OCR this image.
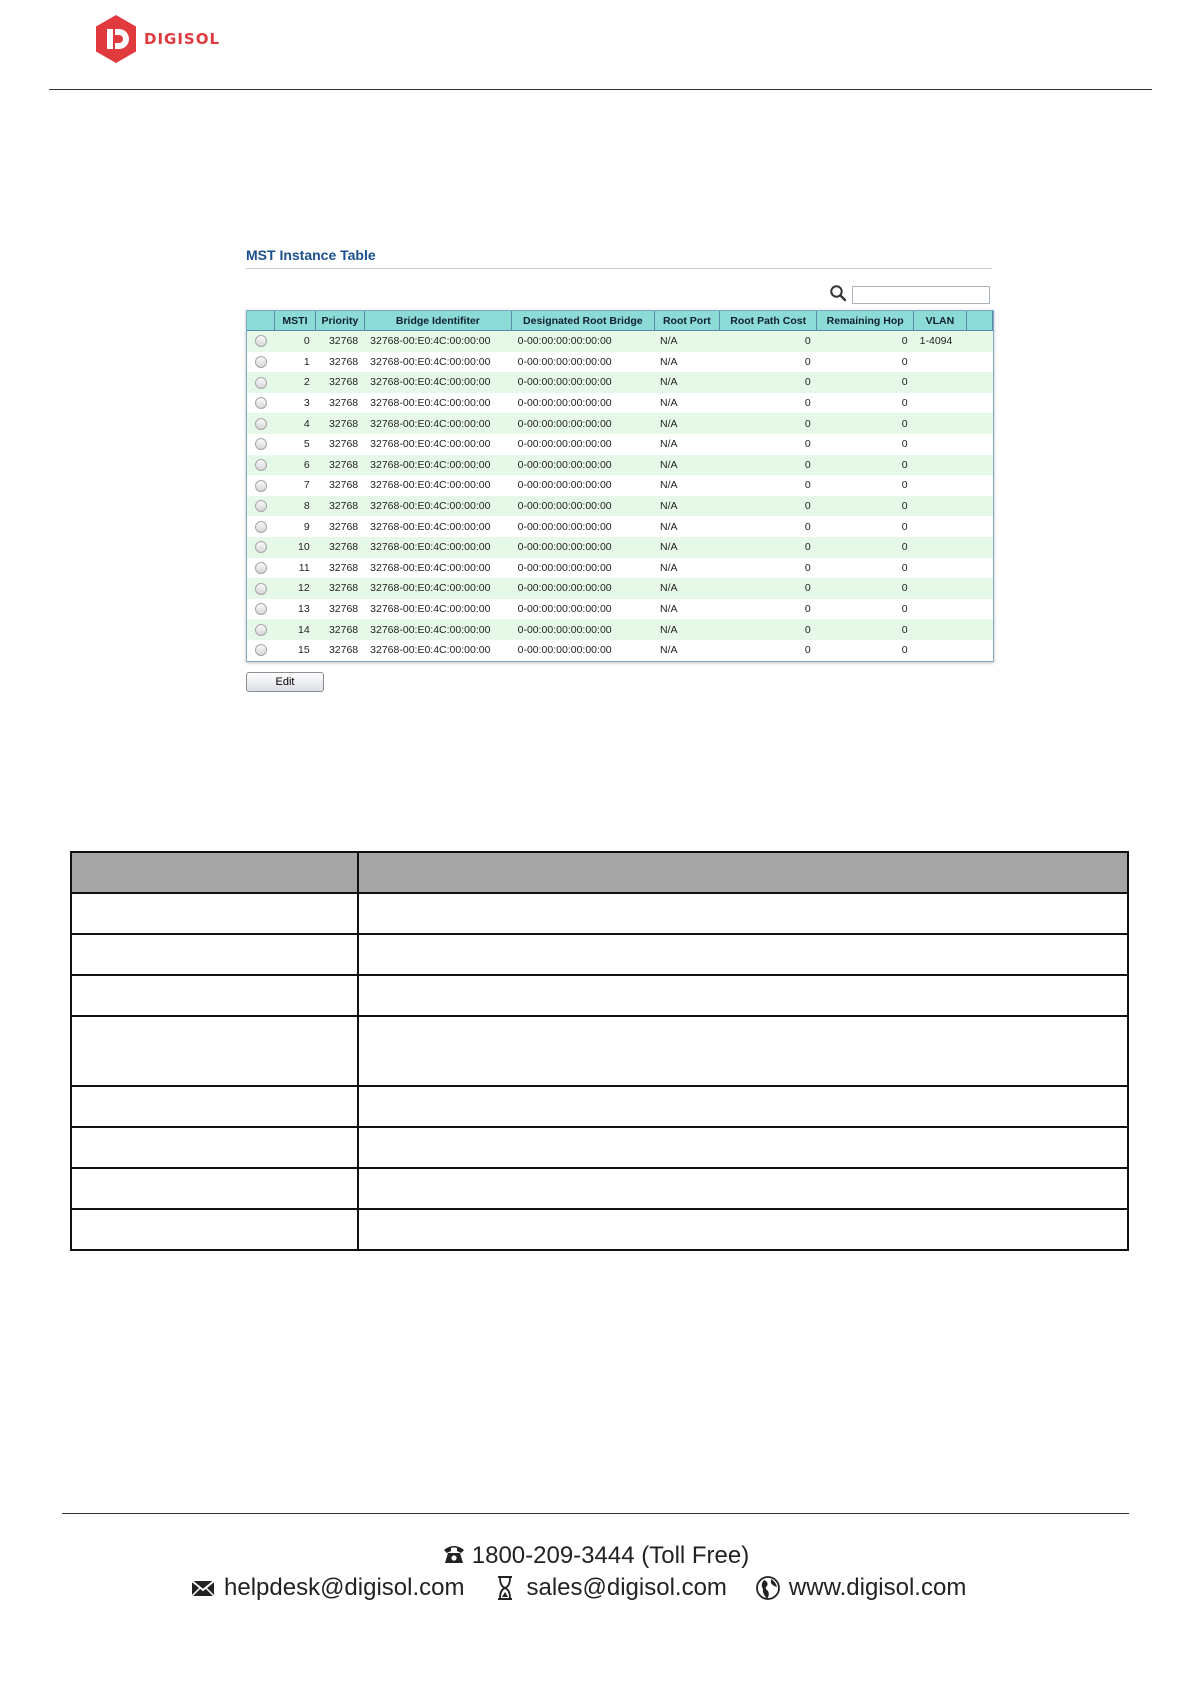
DIGISOL
MST Instance Table
	MSTI	Priority	Bridge Identifiter	Designated Root Bridge	Root Port	Root Path Cost	Remaining Hop	VLAN	
	0	32768	32768-00:E0:4C:00:00:00	0-00:00:00:00:00:00	N/A	0	0	1-4094	
	1	32768	32768-00:E0:4C:00:00:00	0-00:00:00:00:00:00	N/A	0	0		
	2	32768	32768-00:E0:4C:00:00:00	0-00:00:00:00:00:00	N/A	0	0		
	3	32768	32768-00:E0:4C:00:00:00	0-00:00:00:00:00:00	N/A	0	0		
	4	32768	32768-00:E0:4C:00:00:00	0-00:00:00:00:00:00	N/A	0	0		
	5	32768	32768-00:E0:4C:00:00:00	0-00:00:00:00:00:00	N/A	0	0		
	6	32768	32768-00:E0:4C:00:00:00	0-00:00:00:00:00:00	N/A	0	0		
	7	32768	32768-00:E0:4C:00:00:00	0-00:00:00:00:00:00	N/A	0	0		
	8	32768	32768-00:E0:4C:00:00:00	0-00:00:00:00:00:00	N/A	0	0		
	9	32768	32768-00:E0:4C:00:00:00	0-00:00:00:00:00:00	N/A	0	0		
	10	32768	32768-00:E0:4C:00:00:00	0-00:00:00:00:00:00	N/A	0	0		
	11	32768	32768-00:E0:4C:00:00:00	0-00:00:00:00:00:00	N/A	0	0		
	12	32768	32768-00:E0:4C:00:00:00	0-00:00:00:00:00:00	N/A	0	0		
	13	32768	32768-00:E0:4C:00:00:00	0-00:00:00:00:00:00	N/A	0	0		
	14	32768	32768-00:E0:4C:00:00:00	0-00:00:00:00:00:00	N/A	0	0		
	15	32768	32768-00:E0:4C:00:00:00	0-00:00:00:00:00:00	N/A	0	0		
Edit

1800-209-3444 (Toll Free)
helpdesk@digisol.com	sales@digisol.com	www.digisol.com
